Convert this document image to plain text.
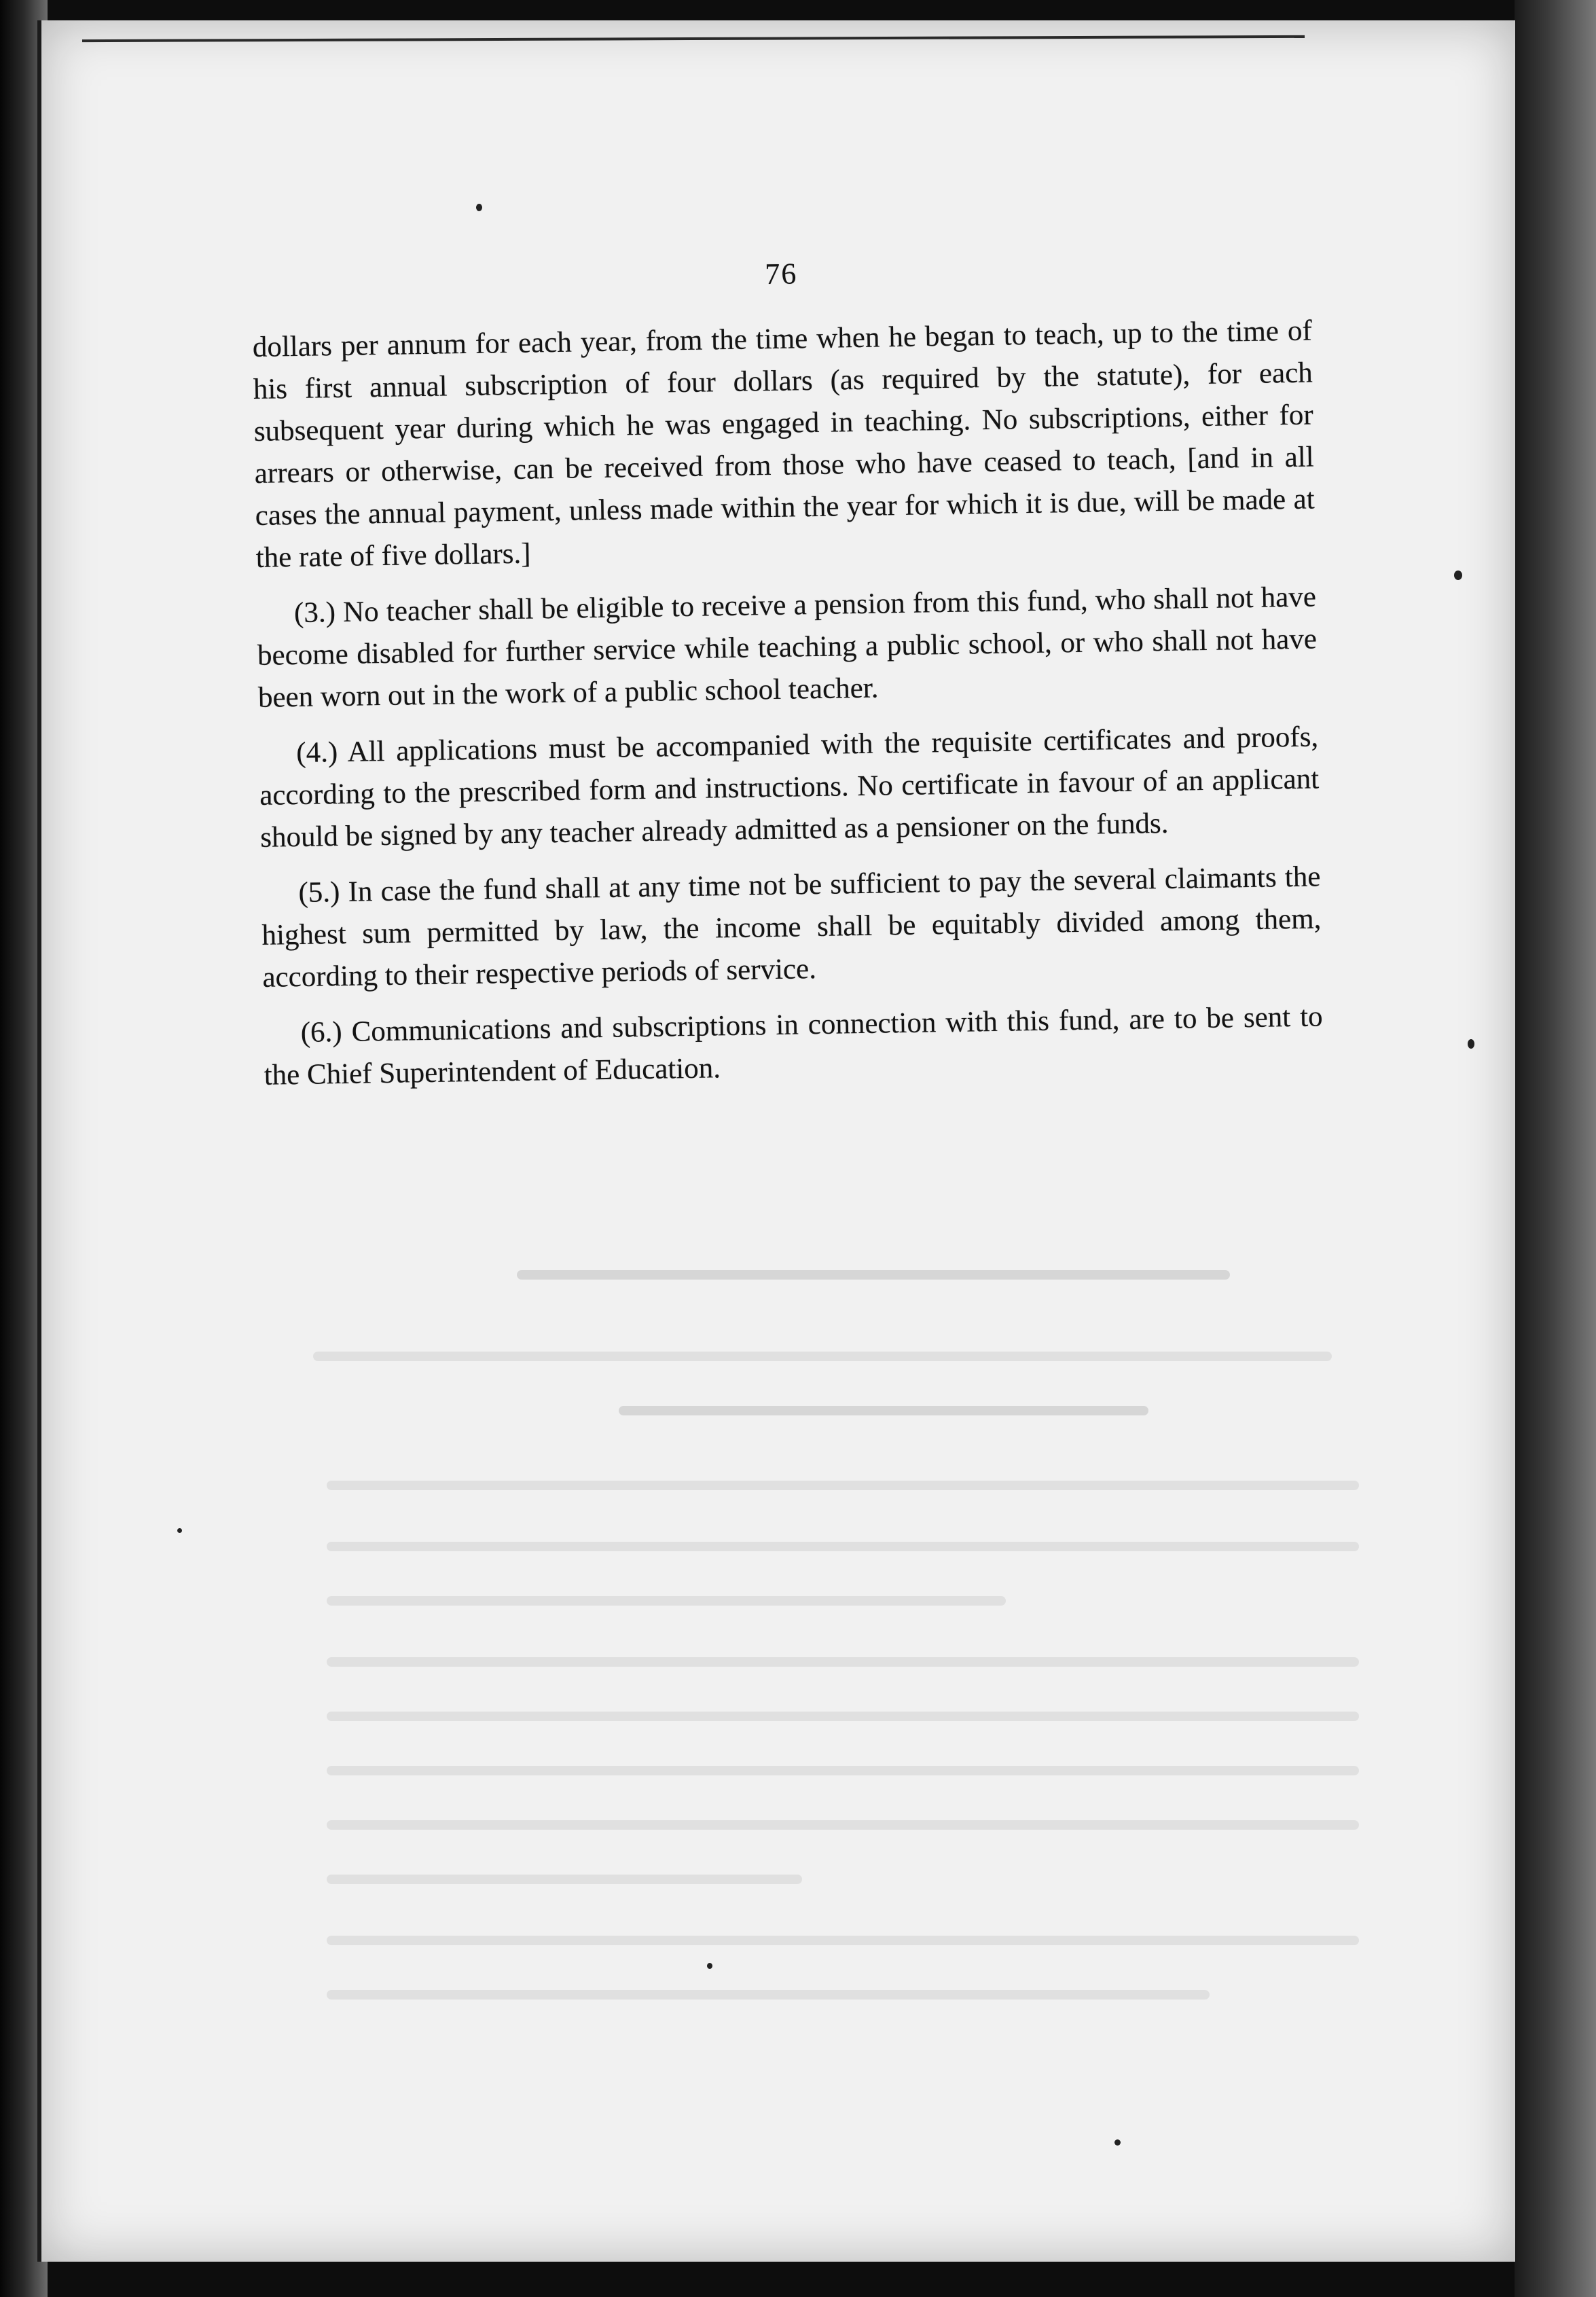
76

dollars per annum for each year, from the time when he began to teach, up to the time of his first annual subscription of four dollars (as required by the statute), for each subsequent year during which he was engaged in teaching. No subscriptions, either for arrears or otherwise, can be received from those who have ceased to teach, [and in all cases the annual payment, unless made within the year for which it is due, will be made at the rate of five dollars.]

(3.) No teacher shall be eligible to receive a pension from this fund, who shall not have become disabled for further service while teaching a public school, or who shall not have been worn out in the work of a public school teacher.

(4.) All applications must be accompanied with the requisite certificates and proofs, according to the prescribed form and instructions. No certificate in favour of an applicant should be signed by any teacher already admitted as a pensioner on the funds.

(5.) In case the fund shall at any time not be sufficient to pay the several claimants the highest sum permitted by law, the income shall be equitably divided among them, according to their respective periods of service.

(6.) Communications and subscriptions in connection with this fund, are to be sent to the Chief Superintendent of Education.
